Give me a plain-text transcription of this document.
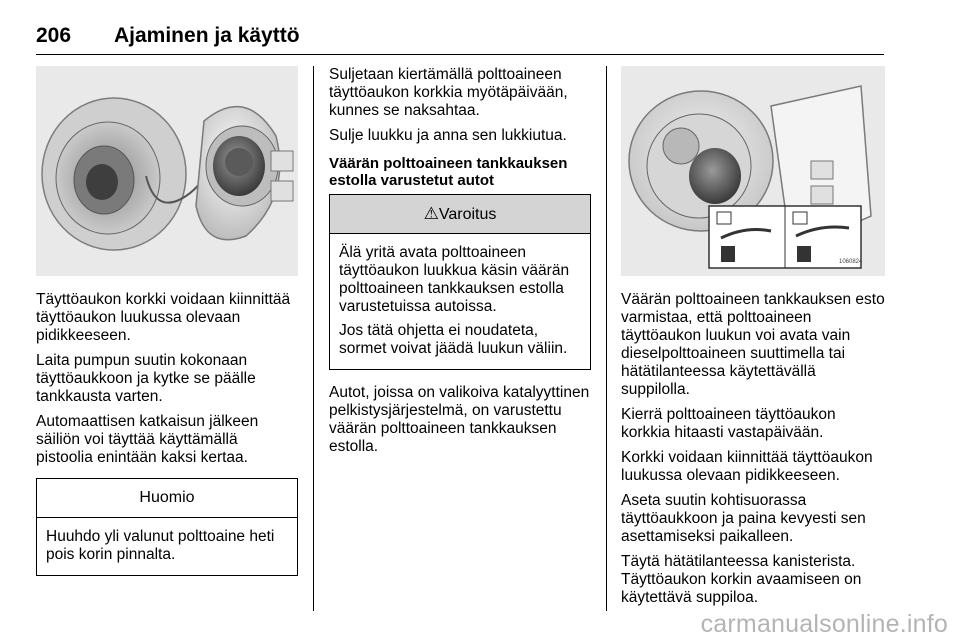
206 Ajaminen ja käyttö

Täyttöaukon korkki voidaan kiinnittää täyttöaukon luukussa olevaan pidikkeeseen.

Laita pumpun suutin kokonaan täyttöaukkoon ja kytke se päälle tankkausta varten.

Automaattisen katkaisun jälkeen säiliön voi täyttää käyttämällä pistoolia enintään kaksi kertaa.

Huomio

Huuhdo yli valunut polttoaine heti pois korin pinnalta.

Suljetaan kiertämällä polttoaineen täyttöaukon korkkia myötäpäivään, kunnes se naksahtaa.

Sulje luukku ja anna sen lukkiutua.

Väärän polttoaineen tankkauksen estolla varustetut autot

⚠Varoitus

Älä yritä avata polttoaineen täyttöaukon luukkua käsin väärän polttoaineen tankkauksen estolla varustetuissa autoissa.

Jos tätä ohjetta ei noudateta, sormet voivat jäädä luukun väliin.

Autot, joissa on valikoiva katalyyttinen pelkistysjärjestelmä, on varustettu väärän polttoaineen tankkauksen estolla.

1060824

Väärän polttoaineen tankkauksen esto varmistaa, että polttoaineen täyttöaukon luukun voi avata vain dieselpolttoaineen suuttimella tai hätätilanteessa käytettävällä suppilolla.

Kierrä polttoaineen täyttöaukon korkkia hitaasti vastapäivään.

Korkki voidaan kiinnittää täyttöaukon luukussa olevaan pidikkeeseen.

Aseta suutin kohtisuorassa täyttöaukkoon ja paina kevyesti sen asettamiseksi paikalleen.

Täytä hätätilanteessa kanisterista. Täyttöaukon korkin avaamiseen on käytettävä suppiloa.

carmanualsonline.info
